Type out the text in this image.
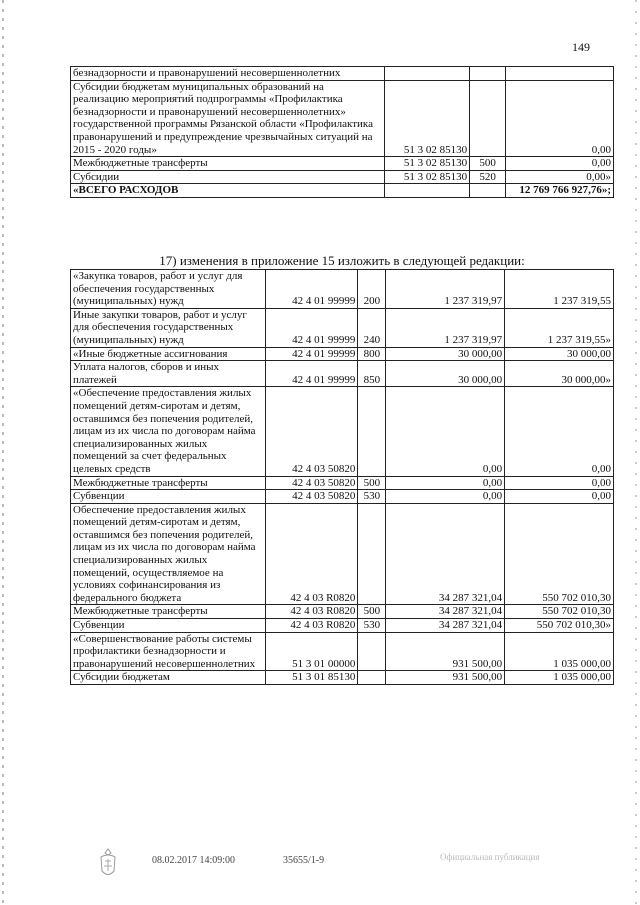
149
безнадзорности и правонарушений несовершеннолетних			
Субсидии бюджетам муниципальных образований на реализацию мероприятий подпрограммы «Профилактика безнадзорности и правонарушений несовершеннолетних» государственной программы Рязанской области «Профилактика правонарушений и предупреждение чрезвычайных ситуаций на 2015 - 2020 годы»	51 3 02 85130		0,00
Межбюджетные трансферты	51 3 02 85130	500	0,00
Субсидии	51 3 02 85130	520	0,00»
«ВСЕГО РАСХОДОВ			12 769 766 927,76»;
17) изменения в приложение 15 изложить в следующей редакции:
«Закупка товаров, работ и услуг для обеспечения государственных (муниципальных) нужд	42 4 01 99999	200	1 237 319,97	1 237 319,55
Иные закупки товаров, работ и услуг для обеспечения государственных (муниципальных) нужд	42 4 01 99999	240	1 237 319,97	1 237 319,55»
«Иные бюджетные ассигнования	42 4 01 99999	800	30 000,00	30 000,00
Уплата налогов, сборов и иных платежей	42 4 01 99999	850	30 000,00	30 000,00»
«Обеспечение предоставления жилых помещений детям-сиротам и детям, оставшимся без попечения родителей, лицам из их числа по договорам найма специализированных жилых помещений за счет федеральных целевых средств	42 4 03 50820		0,00	0,00
Межбюджетные трансферты	42 4 03 50820	500	0,00	0,00
Субвенции	42 4 03 50820	530	0,00	0,00
Обеспечение предоставления жилых помещений детям-сиротам и детям, оставшимся без попечения родителей, лицам из их числа по договорам найма специализированных жилых помещений, осуществляемое на условиях софинансирования из федерального бюджета	42 4 03 R0820		34 287 321,04	550 702 010,30
Межбюджетные трансферты	42 4 03 R0820	500	34 287 321,04	550 702 010,30
Субвенции	42 4 03 R0820	530	34 287 321,04	550 702 010,30»
«Совершенствование работы системы профилактики безнадзорности и правонарушений несовершеннолетних	51 3 01 00000		931 500,00	1 035 000,00
Субсидии бюджетам	51 3 01 85130		931 500,00	1 035 000,00
08.02.2017 14:09:00	35655/1-9	Официальная публикация
